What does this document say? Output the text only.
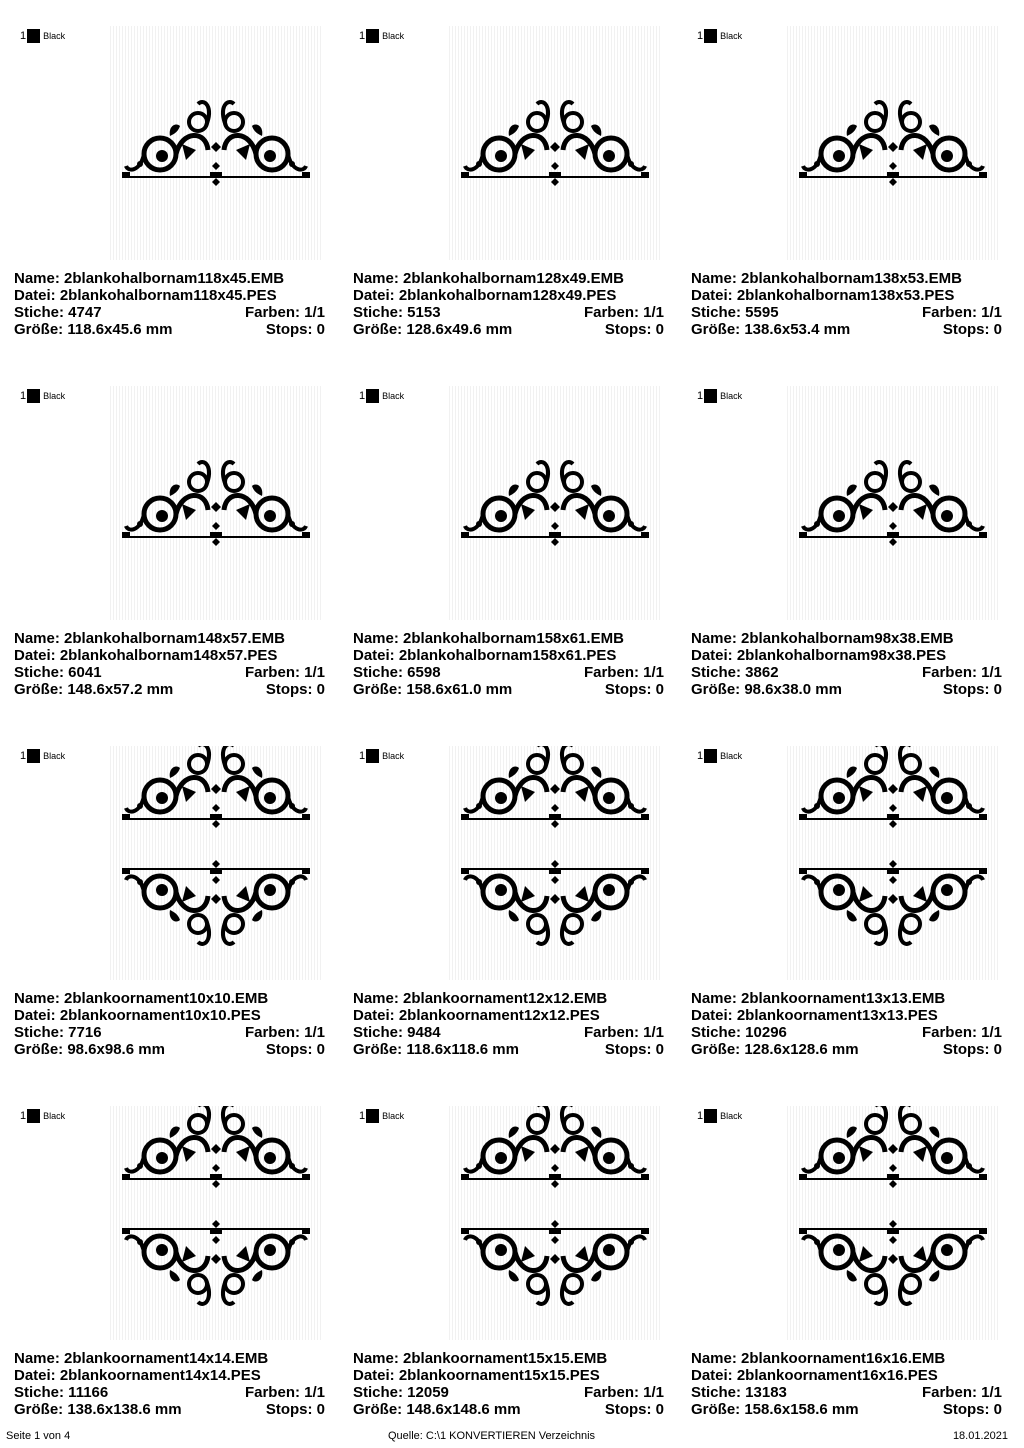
1 Black
Name: 2blankohalbornam118x45.EMB
Datei: 2blankohalbornam118x45.PES
Stiche: 4747	Farben: 1/1
Größe: 118.6x45.6 mm	Stops: 0
1 Black
Name: 2blankohalbornam128x49.EMB
Datei: 2blankohalbornam128x49.PES
Stiche: 5153	Farben: 1/1
Größe: 128.6x49.6 mm	Stops: 0
1 Black
Name: 2blankohalbornam138x53.EMB
Datei: 2blankohalbornam138x53.PES
Stiche: 5595	Farben: 1/1
Größe: 138.6x53.4 mm	Stops: 0
1 Black
Name: 2blankohalbornam148x57.EMB
Datei: 2blankohalbornam148x57.PES
Stiche: 6041	Farben: 1/1
Größe: 148.6x57.2 mm	Stops: 0
1 Black
Name: 2blankohalbornam158x61.EMB
Datei: 2blankohalbornam158x61.PES
Stiche: 6598	Farben: 1/1
Größe: 158.6x61.0 mm	Stops: 0
1 Black
Name: 2blankohalbornam98x38.EMB
Datei: 2blankohalbornam98x38.PES
Stiche: 3862	Farben: 1/1
Größe: 98.6x38.0 mm	Stops: 0
1 Black
Name: 2blankoornament10x10.EMB
Datei: 2blankoornament10x10.PES
Stiche: 7716	Farben: 1/1
Größe: 98.6x98.6 mm	Stops: 0
1 Black
Name: 2blankoornament12x12.EMB
Datei: 2blankoornament12x12.PES
Stiche: 9484	Farben: 1/1
Größe: 118.6x118.6 mm	Stops: 0
1 Black
Name: 2blankoornament13x13.EMB
Datei: 2blankoornament13x13.PES
Stiche: 10296	Farben: 1/1
Größe: 128.6x128.6 mm	Stops: 0
1 Black
Name: 2blankoornament14x14.EMB
Datei: 2blankoornament14x14.PES
Stiche: 11166	Farben: 1/1
Größe: 138.6x138.6 mm	Stops: 0
1 Black
Name: 2blankoornament15x15.EMB
Datei: 2blankoornament15x15.PES
Stiche: 12059	Farben: 1/1
Größe: 148.6x148.6 mm	Stops: 0
1 Black
Name: 2blankoornament16x16.EMB
Datei: 2blankoornament16x16.PES
Stiche: 13183	Farben: 1/1
Größe: 158.6x158.6 mm	Stops: 0
Seite 1 von 4	Quelle: C:\1 KONVERTIEREN Verzeichnis	18.01.2021
